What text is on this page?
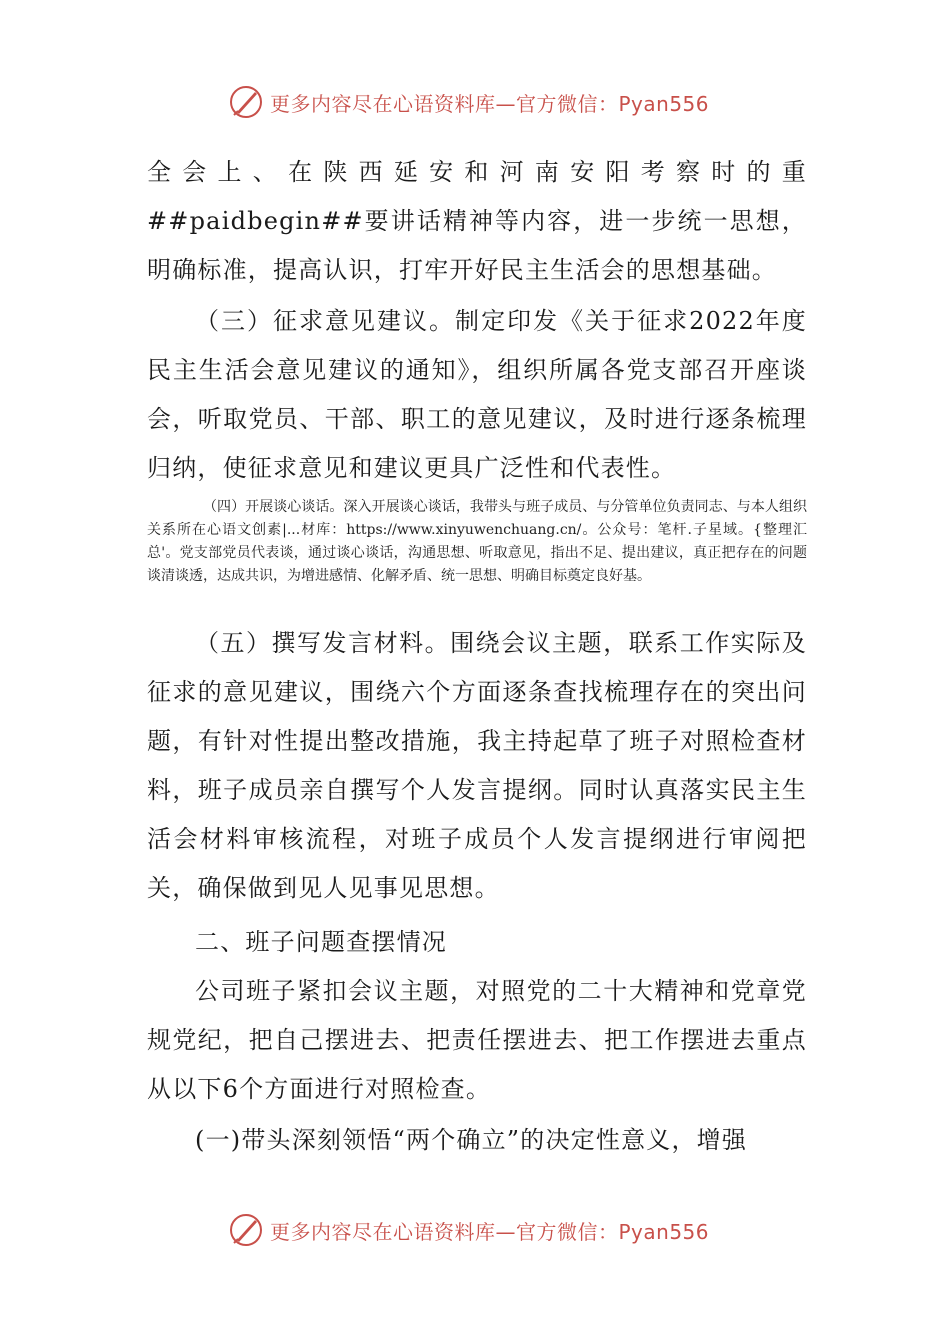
更多内容尽在心语资料库—官方微信：Pyan556

全会上、在陕西延安和河南安阳考察时的重##paidbegin##要讲话精神等内容，进一步统一思想，明确标准，提高认识，打牢开好民主生活会的思想基础。

（三）征求意见建议。制定印发《关于征求2022年度民主生活会意见建议的通知》，组织所属各党支部召开座谈会，听取党员、干部、职工的意见建议，及时进行逐条梳理归纳，使征求意见和建议更具广泛性和代表性。

（四）开展谈心谈话。深入开展谈心谈话，我带头与班子成员、与分管单位负责同志、与本人组织关系所在心语文创素|...材库：https://www.xinyuwenchuang.cn/。公众号：笔杆.子星域。{整理汇总'。党支部党员代表谈，通过谈心谈话，沟通思想、听取意见，指出不足、提出建议，真正把存在的问题谈清谈透，达成共识，为增进感情、化解矛盾、统一思想、明确目标奠定良好基。

（五）撰写发言材料。围绕会议主题，联系工作实际及征求的意见建议，围绕六个方面逐条查找梳理存在的突出问题，有针对性提出整改措施，我主持起草了班子对照检查材料，班子成员亲自撰写个人发言提纲。同时认真落实民主生活会材料审核流程，对班子成员个人发言提纲进行审阅把关，确保做到见人见事见思想。

二、班子问题查摆情况

公司班子紧扣会议主题，对照党的二十大精神和党章党规党纪，把自己摆进去、把责任摆进去、把工作摆进去重点从以下6个方面进行对照检查。

(一)带头深刻领悟“两个确立”的决定性意义，增强

更多内容尽在心语资料库—官方微信：Pyan556
